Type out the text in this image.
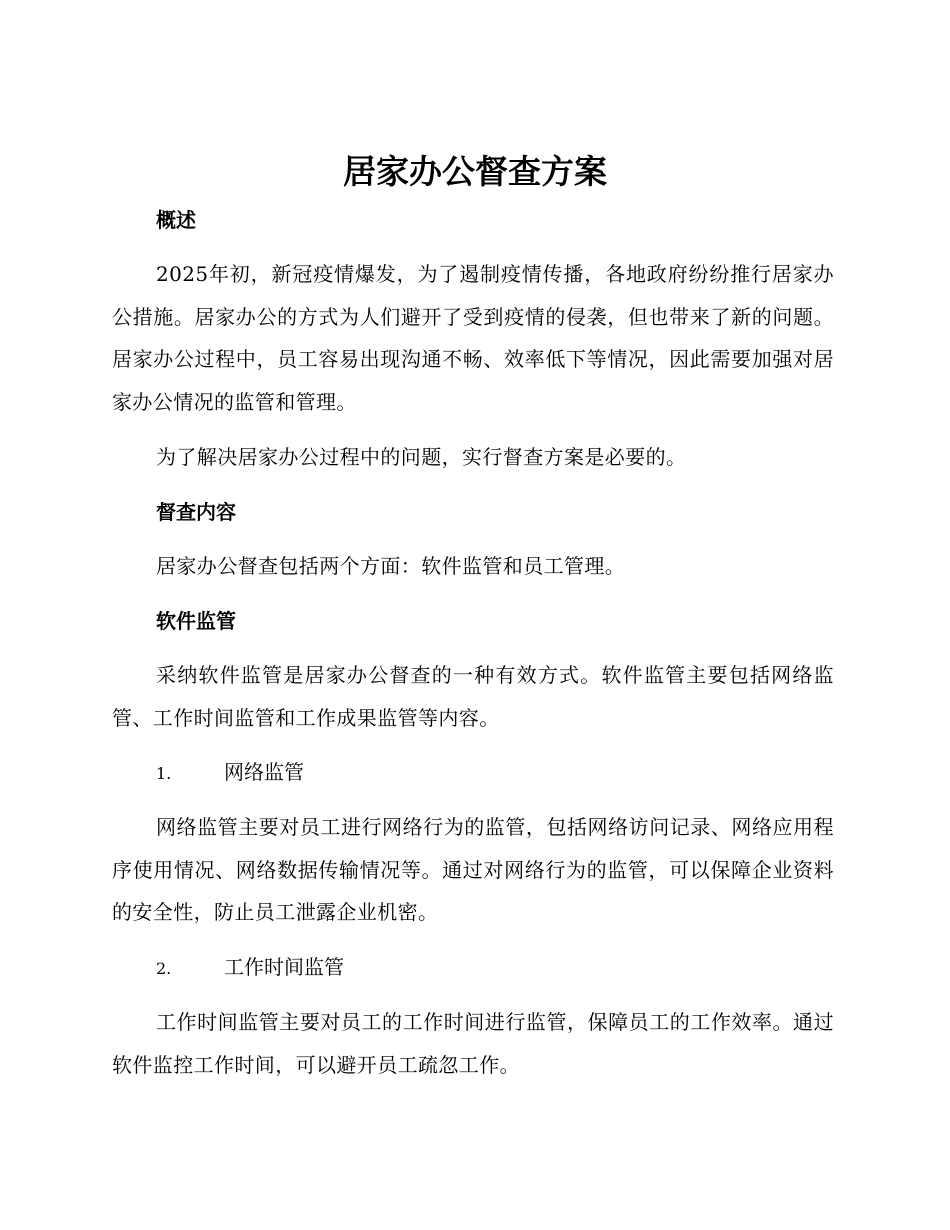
居家办公督查方案
概述

2025年初，新冠疫情爆发，为了遏制疫情传播，各地政府纷纷推行居家办公措施。居家办公的方式为人们避开了受到疫情的侵袭，但也带来了新的问题。居家办公过程中，员工容易出现沟通不畅、效率低下等情况，因此需要加强对居家办公情况的监管和管理。

为了解决居家办公过程中的问题，实行督查方案是必要的。

督查内容

居家办公督查包括两个方面：软件监管和员工管理。

软件监管

采纳软件监管是居家办公督查的一种有效方式。软件监管主要包括网络监管、工作时间监管和工作成果监管等内容。

1.	网络监管

网络监管主要对员工进行网络行为的监管，包括网络访问记录、网络应用程序使用情况、网络数据传输情况等。通过对网络行为的监管，可以保障企业资料的安全性，防止员工泄露企业机密。

2.	工作时间监管

工作时间监管主要对员工的工作时间进行监管，保障员工的工作效率。通过软件监控工作时间，可以避开员工疏忽工作。
